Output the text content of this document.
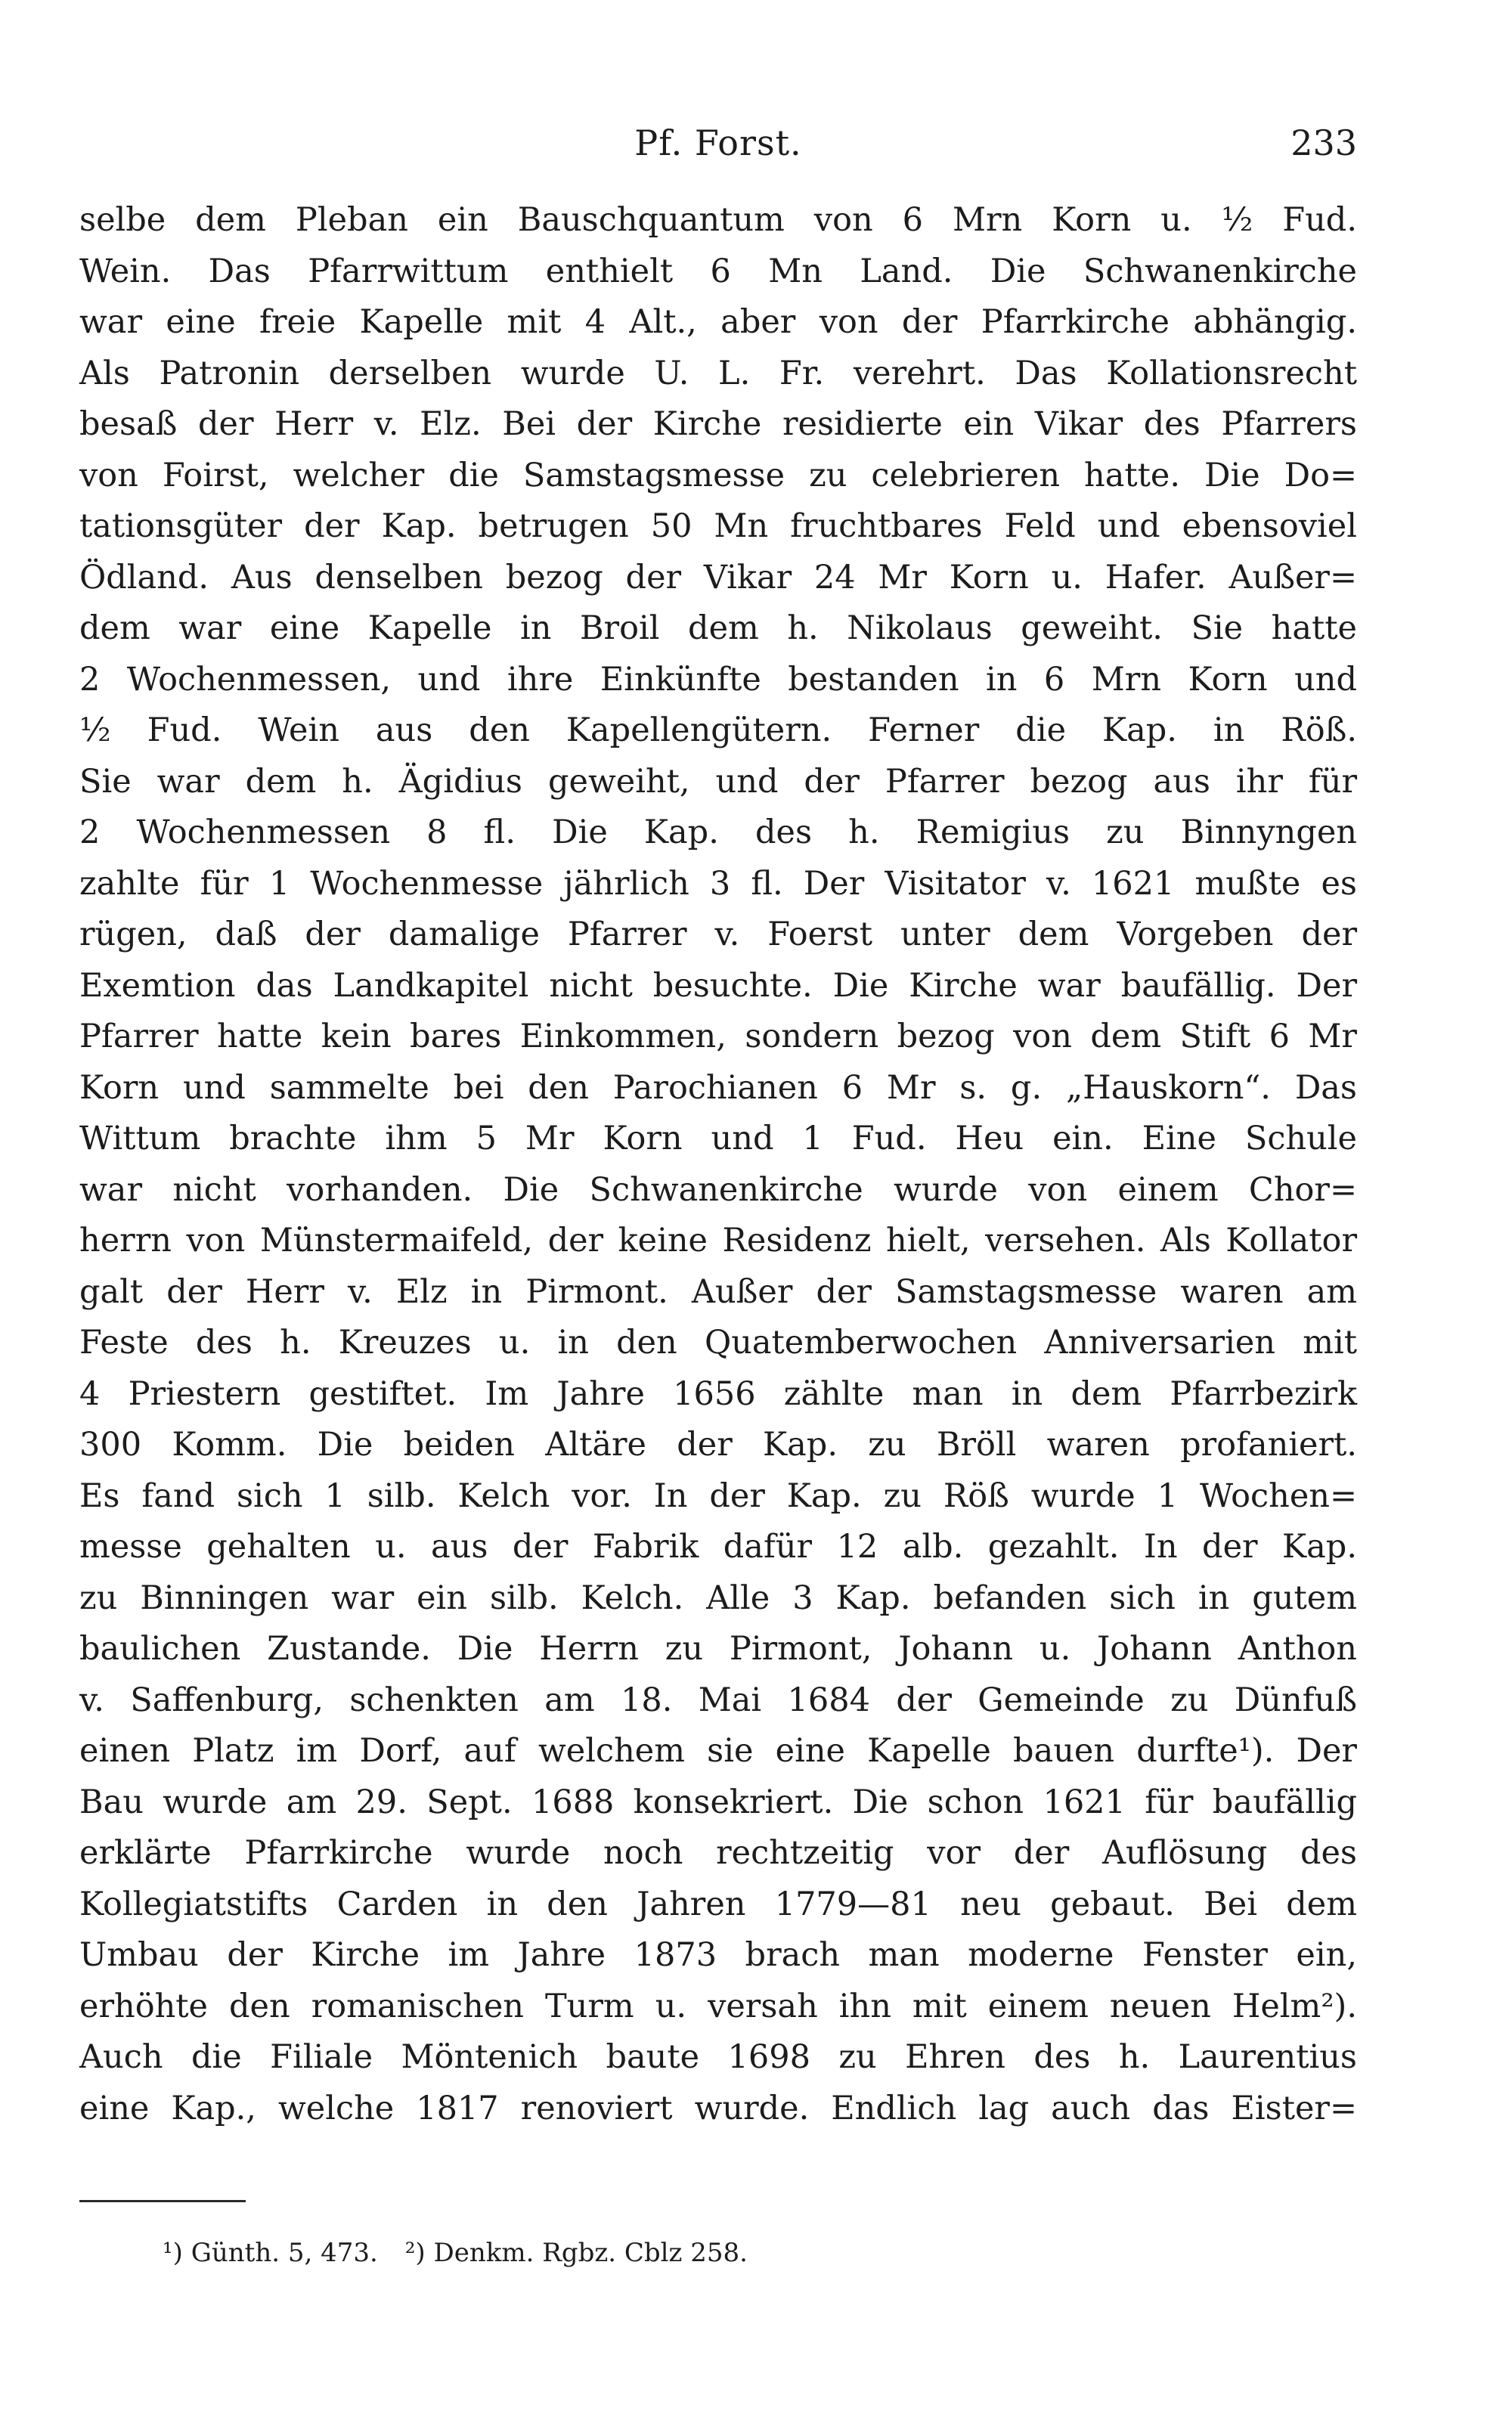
Pf. Forst.	233
selbe dem Pleban ein Bauschquantum von 6 Mrn Korn u. ½ Fud.
Wein. Das Pfarrwittum enthielt 6 Mn Land. Die Schwanenkirche
war eine freie Kapelle mit 4 Alt., aber von der Pfarrkirche abhängig.
Als Patronin derselben wurde U. L. Fr. verehrt. Das Kollationsrecht
besaß der Herr v. Elz. Bei der Kirche residierte ein Vikar des Pfarrers
von Foirst, welcher die Samstagsmesse zu celebrieren hatte. Die Do=
tationsgüter der Kap. betrugen 50 Mn fruchtbares Feld und ebensoviel
Ödland. Aus denselben bezog der Vikar 24 Mr Korn u. Hafer. Außer=
dem war eine Kapelle in Broil dem h. Nikolaus geweiht. Sie hatte
2 Wochenmessen, und ihre Einkünfte bestanden in 6 Mrn Korn und
½ Fud. Wein aus den Kapellengütern. Ferner die Kap. in Röß.
Sie war dem h. Ägidius geweiht, und der Pfarrer bezog aus ihr für
2 Wochenmessen 8 fl. Die Kap. des h. Remigius zu Binnyngen
zahlte für 1 Wochenmesse jährlich 3 fl. Der Visitator v. 1621 mußte es
rügen, daß der damalige Pfarrer v. Foerst unter dem Vorgeben der
Exemtion das Landkapitel nicht besuchte. Die Kirche war baufällig. Der
Pfarrer hatte kein bares Einkommen, sondern bezog von dem Stift 6 Mr
Korn und sammelte bei den Parochianen 6 Mr s. g. „Hauskorn“. Das
Wittum brachte ihm 5 Mr Korn und 1 Fud. Heu ein. Eine Schule
war nicht vorhanden. Die Schwanenkirche wurde von einem Chor=
herrn von Münstermaifeld, der keine Residenz hielt, versehen. Als Kollator
galt der Herr v. Elz in Pirmont. Außer der Samstagsmesse waren am
Feste des h. Kreuzes u. in den Quatemberwochen Anniversarien mit
4 Priestern gestiftet. Im Jahre 1656 zählte man in dem Pfarrbezirk
300 Komm. Die beiden Altäre der Kap. zu Bröll waren profaniert.
Es fand sich 1 silb. Kelch vor. In der Kap. zu Röß wurde 1 Wochen=
messe gehalten u. aus der Fabrik dafür 12 alb. gezahlt. In der Kap.
zu Binningen war ein silb. Kelch. Alle 3 Kap. befanden sich in gutem
baulichen Zustande. Die Herrn zu Pirmont, Johann u. Johann Anthon
v. Saffenburg, schenkten am 18. Mai 1684 der Gemeinde zu Dünfuß
einen Platz im Dorf, auf welchem sie eine Kapelle bauen durfte¹). Der
Bau wurde am 29. Sept. 1688 konsekriert. Die schon 1621 für baufällig
erklärte Pfarrkirche wurde noch rechtzeitig vor der Auflösung des
Kollegiatstifts Carden in den Jahren 1779—81 neu gebaut. Bei dem
Umbau der Kirche im Jahre 1873 brach man moderne Fenster ein,
erhöhte den romanischen Turm u. versah ihn mit einem neuen Helm²).
Auch die Filiale Möntenich baute 1698 zu Ehren des h. Laurentius
eine Kap., welche 1817 renoviert wurde. Endlich lag auch das Eister=
¹) Günth. 5, 473. ²) Denkm. Rgbz. Cblz 258.
